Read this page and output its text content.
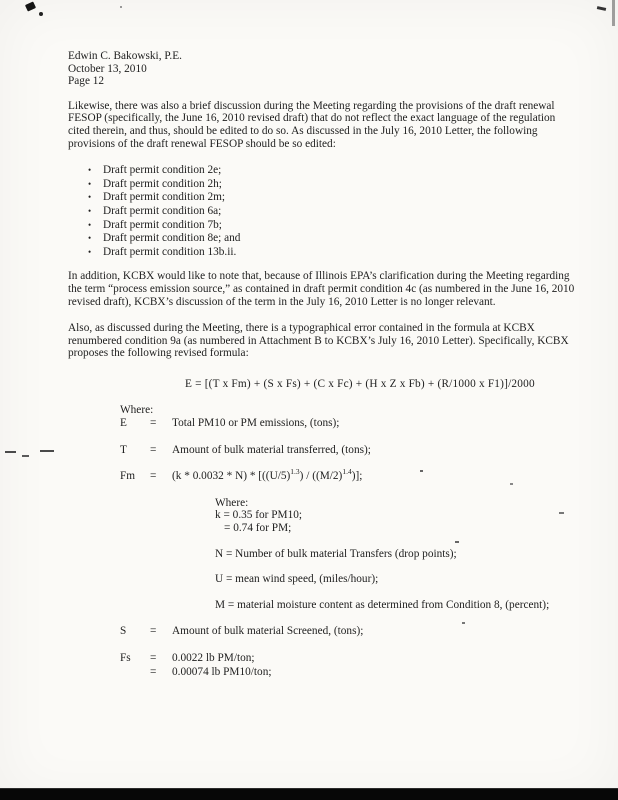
Edwin C. Bakowski, P.E.
October 13, 2010
Page 12

Likewise, there was also a brief discussion during the Meeting regarding the provisions of the draft renewal FESOP (specifically, the June 16, 2010 revised draft) that do not reflect the exact language of the regulation cited therein, and thus, should be edited to do so. As discussed in the July 16, 2010 Letter, the following provisions of the draft renewal FESOP should be so edited:

•	Draft permit condition 2e;
•	Draft permit condition 2h;
•	Draft permit condition 2m;
•	Draft permit condition 6a;
•	Draft permit condition 7b;
•	Draft permit condition 8e; and
•	Draft permit condition 13b.ii.

In addition, KCBX would like to note that, because of Illinois EPA’s clarification during the Meeting regarding the term “process emission source,” as contained in draft permit condition 4c (as numbered in the June 16, 2010 revised draft), KCBX’s discussion of the term in the July 16, 2010 Letter is no longer relevant.

Also, as discussed during the Meeting, there is a typographical error contained in the formula at KCBX renumbered condition 9a (as numbered in Attachment B to KCBX’s July 16, 2010 Letter). Specifically, KCBX proposes the following revised formula:

E = [(T x Fm) + (S x Fs) + (C x Fc) + (H x Z x Fb) + (R/1000 x F1)]/2000
Where:
E	=	Total PM10 or PM emissions, (tons);
T	=	Amount of bulk material transferred, (tons);
Fm	=	$(k * 0.0032 * N) * [((U/5)^{1.3}) / ((M/2)^{1.4})]$;
Where:
k = 0.35 for PM10;
= 0.74 for PM;
N = Number of bulk material Transfers (drop points);
U = mean wind speed, (miles/hour);
M = material moisture content as determined from Condition 8, (percent);
S	=	Amount of bulk material Screened, (tons);
Fs	=	0.0022 lb PM/ton;
=	0.00074 lb PM10/ton;
